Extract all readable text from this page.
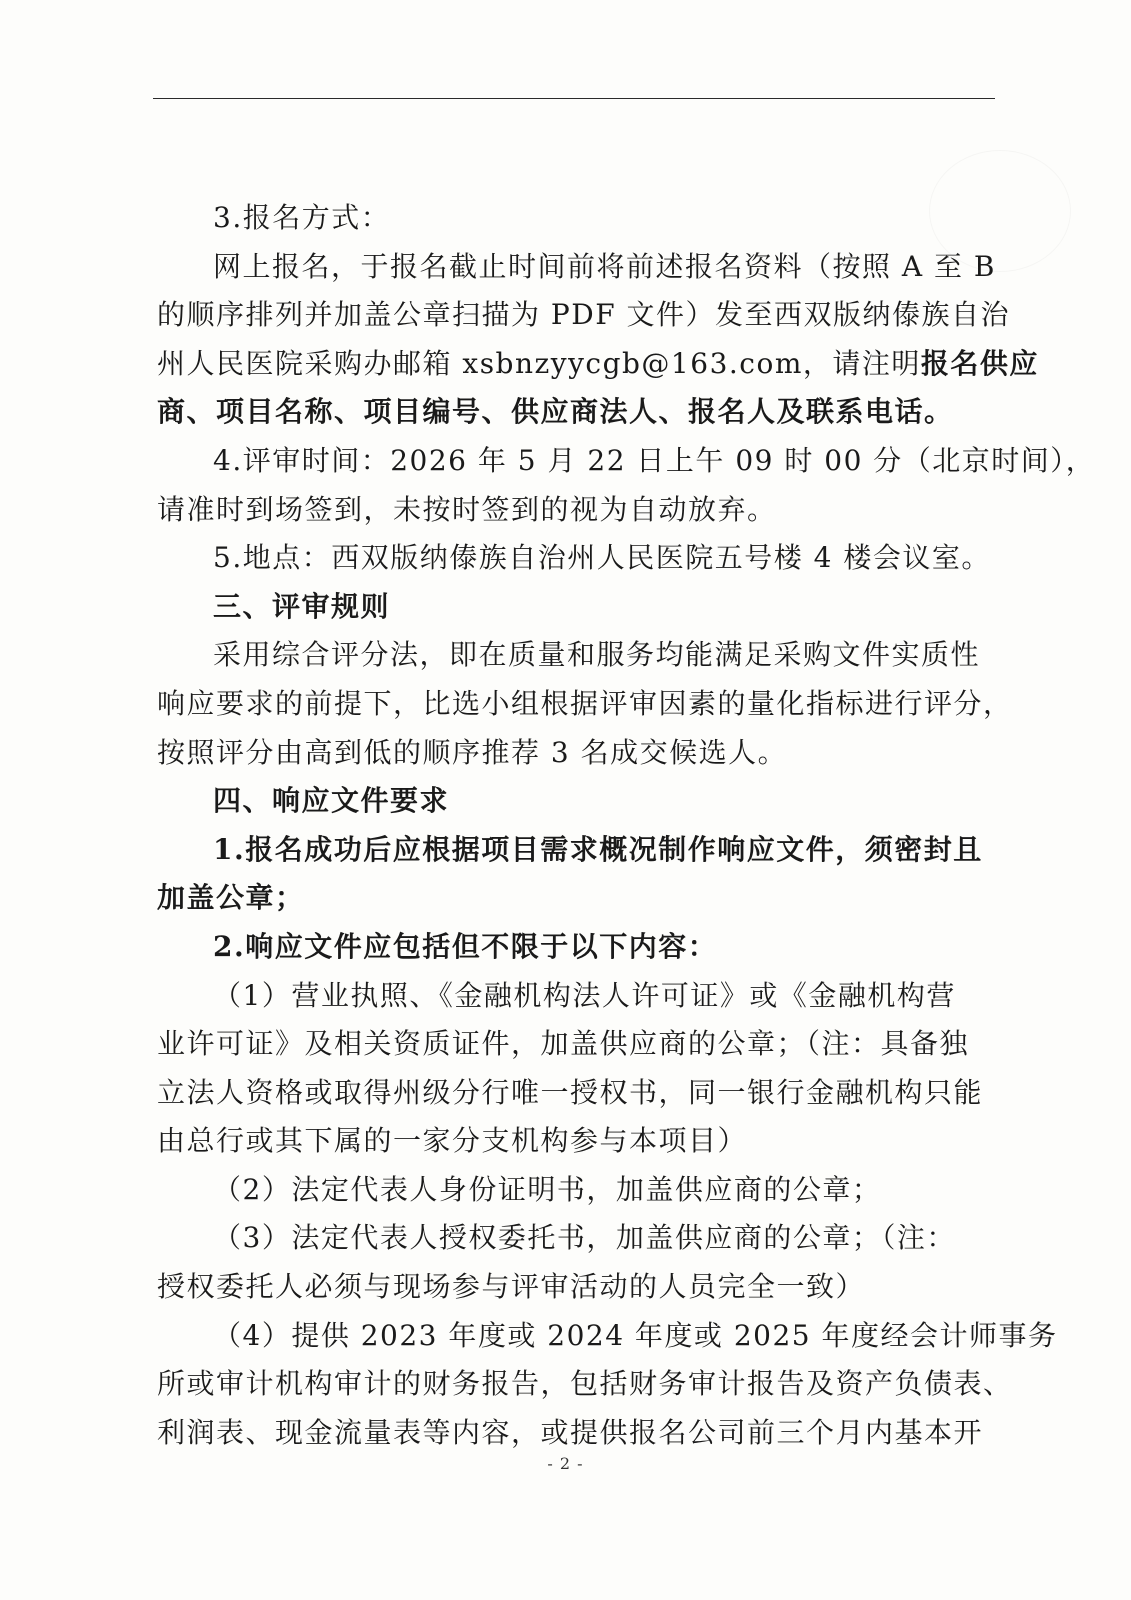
3.报名方式：
网上报名，于报名截止时间前将前述报名资料（按照 A 至 B
的顺序排列并加盖公章扫描为 PDF 文件）发至西双版纳傣族自治
州人民医院采购办邮箱 xsbnzyycgb@163.com，请注明报名供应
商、项目名称、项目编号、供应商法人、报名人及联系电话。
4.评审时间：2026 年 5 月 22 日上午 09 时 00 分（北京时间），
请准时到场签到，未按时签到的视为自动放弃。
5.地点：西双版纳傣族自治州人民医院五号楼 4 楼会议室。
三、评审规则
采用综合评分法，即在质量和服务均能满足采购文件实质性
响应要求的前提下，比选小组根据评审因素的量化指标进行评分，
按照评分由高到低的顺序推荐 3 名成交候选人。
四、响应文件要求
1.报名成功后应根据项目需求概况制作响应文件，须密封且
加盖公章；
2.响应文件应包括但不限于以下内容：
（1）营业执照、《金融机构法人许可证》或《金融机构营
业许可证》及相关资质证件，加盖供应商的公章；（注：具备独
立法人资格或取得州级分行唯一授权书，同一银行金融机构只能
由总行或其下属的一家分支机构参与本项目）
（2）法定代表人身份证明书，加盖供应商的公章；
（3）法定代表人授权委托书，加盖供应商的公章；（注：
授权委托人必须与现场参与评审活动的人员完全一致）
（4）提供 2023 年度或 2024 年度或 2025 年度经会计师事务
所或审计机构审计的财务报告，包括财务审计报告及资产负债表、
利润表、现金流量表等内容，或提供报名公司前三个月内基本开
- 2 -
